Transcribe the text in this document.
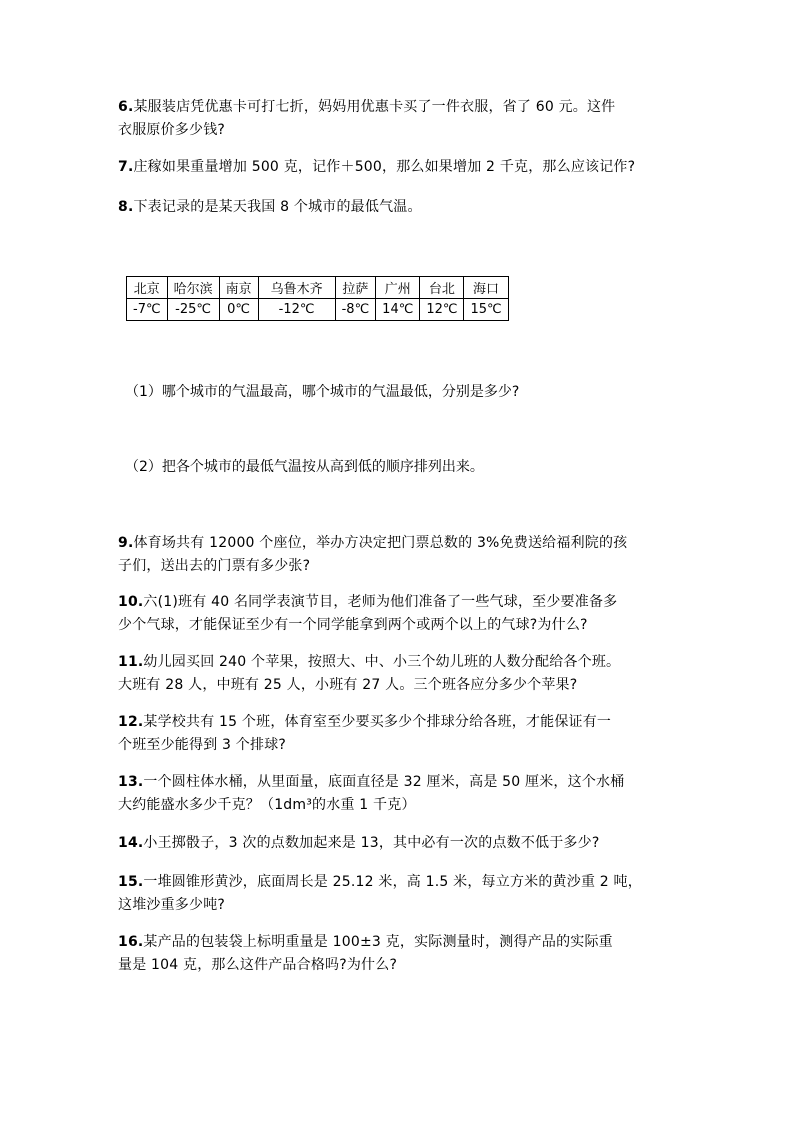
6.某服装店凭优惠卡可打七折，妈妈用优惠卡买了一件衣服，省了 60 元。这件
衣服原价多少钱?

7.庄稼如果重量增加 500 克，记作＋500，那么如果增加 2 千克，那么应该记作?

8.下表记录的是某天我国 8 个城市的最低气温。

北京	哈尔滨	南京	乌鲁木齐	拉萨	广州	台北	海口
-7℃	-25℃	0℃	-12℃	-8℃	14℃	12℃	15℃

（1）哪个城市的气温最高，哪个城市的气温最低，分别是多少?

（2）把各个城市的最低气温按从高到低的顺序排列出来。

9.体育场共有 12000 个座位，举办方决定把门票总数的 3%免费送给福利院的孩
子们，送出去的门票有多少张?

10.六(1)班有 40 名同学表演节目，老师为他们准备了一些气球，至少要准备多
少个气球，才能保证至少有一个同学能拿到两个或两个以上的气球?为什么?

11.幼儿园买回 240 个苹果，按照大、中、小三个幼儿班的人数分配给各个班。
大班有 28 人，中班有 25 人，小班有 27 人。三个班各应分多少个苹果?

12.某学校共有 15 个班，体育室至少要买多少个排球分给各班，才能保证有一
个班至少能得到 3 个排球?

13.一个圆柱体水桶，从里面量，底面直径是 32 厘米，高是 50 厘米，这个水桶
大约能盛水多少千克？（1dm³的水重 1 千克）

14.小王掷骰子，3 次的点数加起来是 13，其中必有一次的点数不低于多少?

15.一堆圆锥形黄沙，底面周长是 25.12 米，高 1.5 米，每立方米的黄沙重 2 吨，
这堆沙重多少吨?

16.某产品的包装袋上标明重量是 100±3 克，实际测量时，测得产品的实际重
量是 104 克，那么这件产品合格吗?为什么?
